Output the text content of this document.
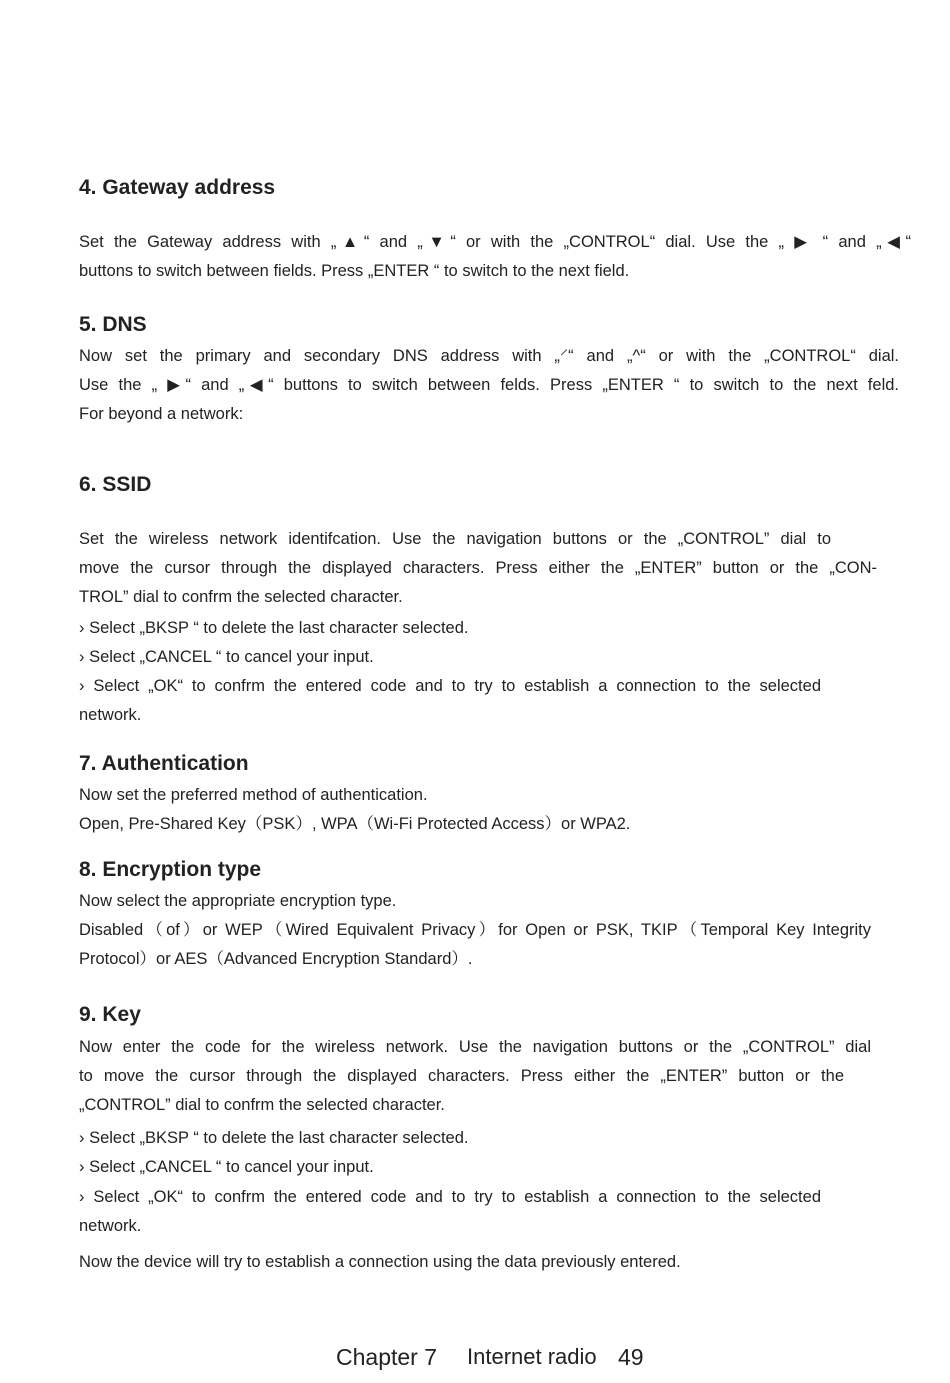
4. Gateway address

Set the Gateway address with „▲“ and „▼“ or with the „CONTROL“ dial. Use the „ ▶ “ and „◀“

buttons to switch between fields. Press „ENTER “ to switch to the next field.

5. DNS

Now set the primary and secondary DNS address with „⸍“ and „^“ or with the „CONTROL“ dial.

Use the „ ▶“ and „◀“ buttons to switch between felds. Press „ENTER “ to switch to the next feld.

For beyond a network:

6. SSID

Set the wireless network identifcation. Use the navigation buttons or the „CONTROL” dial to

move the cursor through the displayed characters. Press either the „ENTER” button or the „CON-

TROL” dial to confrm the selected character.

› Select „BKSP “ to delete the last character selected.

› Select „CANCEL “ to cancel your input.

› Select „OK“ to confrm the entered code and to try to establish a connection to the selected

network.

7. Authentication

Now set the preferred method of authentication.

Open, Pre-Shared Key（PSK）, WPA（Wi-Fi Protected Access）or WPA2.

8. Encryption type

Now select the appropriate encryption type.

Disabled（of）or WEP（Wired Equivalent Privacy）for Open or PSK, TKIP（Temporal Key Integrity

Protocol）or AES（Advanced Encryption Standard）.

9. Key

Now enter the code for the wireless network. Use the navigation buttons or the „CONTROL” dial

to move the cursor through the displayed characters. Press either the „ENTER” button or the

„CONTROL” dial to confrm the selected character.

› Select „BKSP “ to delete the last character selected.

› Select „CANCEL “ to cancel your input.

› Select „OK“ to confrm the entered code and to try to establish a connection to the selected

network.

Now the device will try to establish a connection using the data previously entered.

Chapter 7 Internet radio 49
